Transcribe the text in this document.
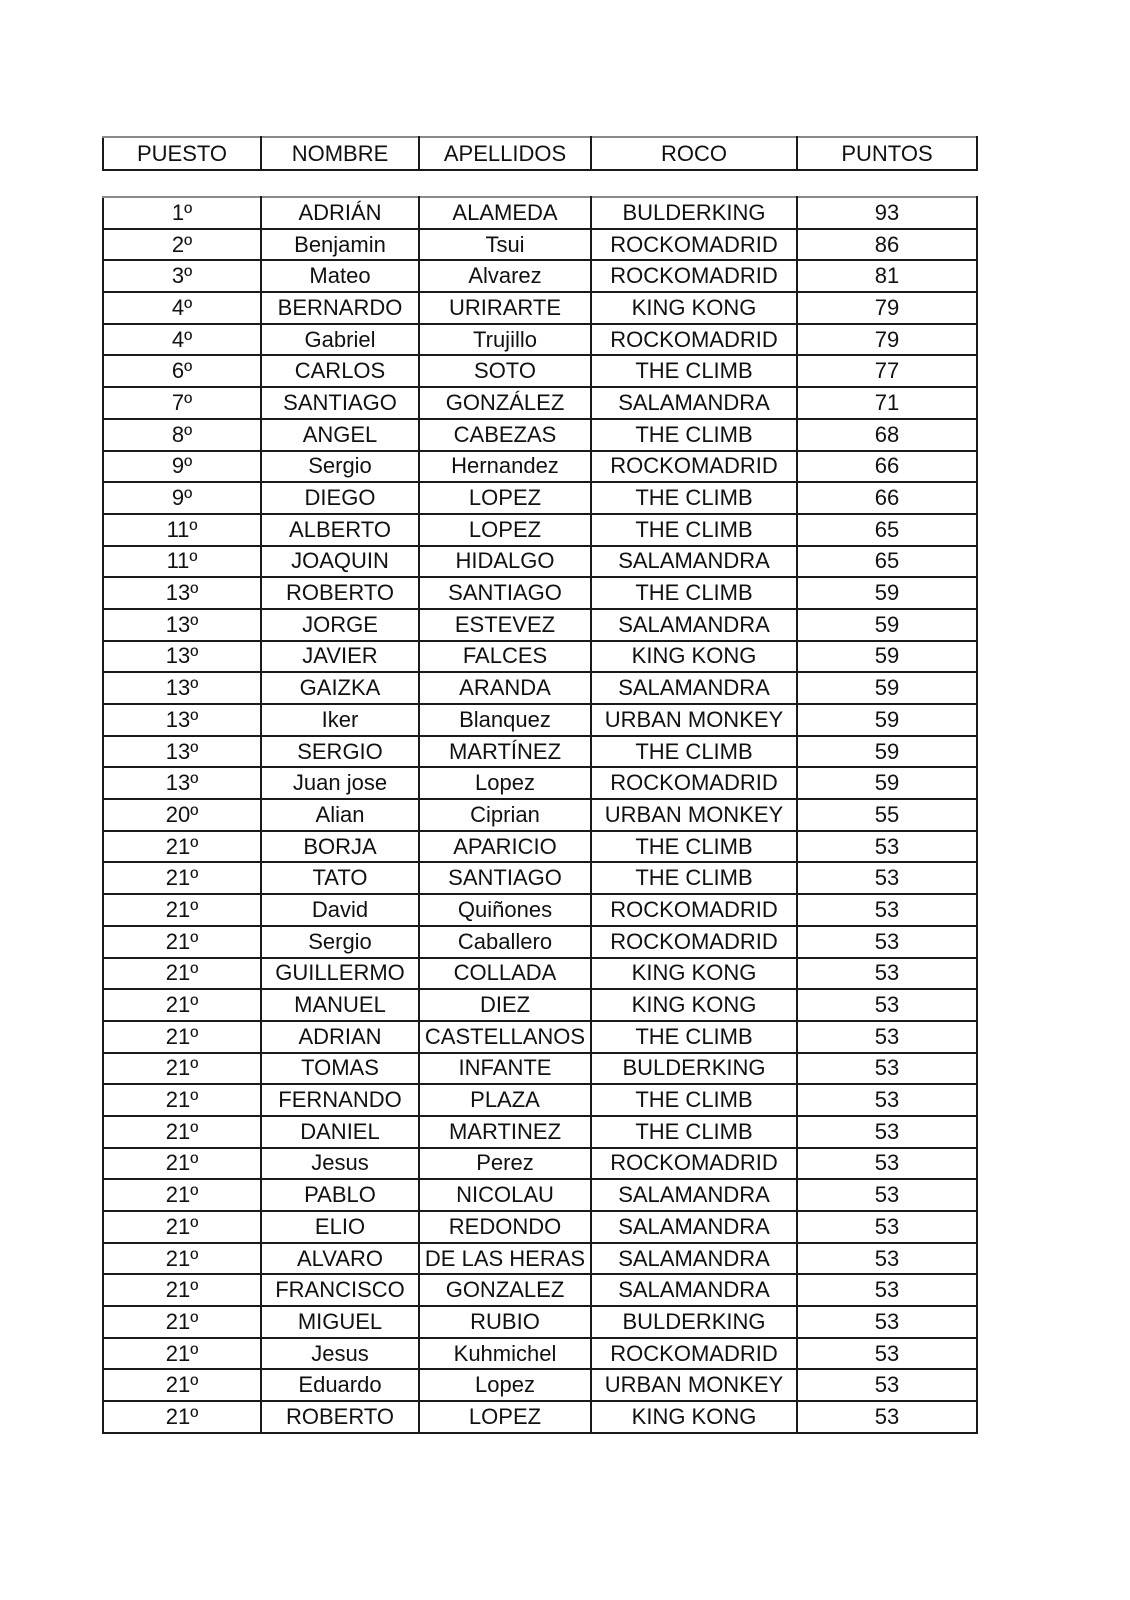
PUESTO	NOMBRE	APELLIDOS	ROCO	PUNTOS
1º	ADRIÁN	ALAMEDA	BULDERKING	93
2º	Benjamin	Tsui	ROCKOMADRID	86
3º	Mateo	Alvarez	ROCKOMADRID	81
4º	BERNARDO	URIRARTE	KING KONG	79
4º	Gabriel	Trujillo	ROCKOMADRID	79
6º	CARLOS	SOTO	THE CLIMB	77
7º	SANTIAGO	GONZÁLEZ	SALAMANDRA	71
8º	ANGEL	CABEZAS	THE CLIMB	68
9º	Sergio	Hernandez	ROCKOMADRID	66
9º	DIEGO	LOPEZ	THE CLIMB	66
11º	ALBERTO	LOPEZ	THE CLIMB	65
11º	JOAQUIN	HIDALGO	SALAMANDRA	65
13º	ROBERTO	SANTIAGO	THE CLIMB	59
13º	JORGE	ESTEVEZ	SALAMANDRA	59
13º	JAVIER	FALCES	KING KONG	59
13º	GAIZKA	ARANDA	SALAMANDRA	59
13º	Iker	Blanquez	URBAN MONKEY	59
13º	SERGIO	MARTÍNEZ	THE CLIMB	59
13º	Juan jose	Lopez	ROCKOMADRID	59
20º	Alian	Ciprian	URBAN MONKEY	55
21º	BORJA	APARICIO	THE CLIMB	53
21º	TATO	SANTIAGO	THE CLIMB	53
21º	David	Quiñones	ROCKOMADRID	53
21º	Sergio	Caballero	ROCKOMADRID	53
21º	GUILLERMO	COLLADA	KING KONG	53
21º	MANUEL	DIEZ	KING KONG	53
21º	ADRIAN	CASTELLANOS	THE CLIMB	53
21º	TOMAS	INFANTE	BULDERKING	53
21º	FERNANDO	PLAZA	THE CLIMB	53
21º	DANIEL	MARTINEZ	THE CLIMB	53
21º	Jesus	Perez	ROCKOMADRID	53
21º	PABLO	NICOLAU	SALAMANDRA	53
21º	ELIO	REDONDO	SALAMANDRA	53
21º	ALVARO	DE LAS HERAS	SALAMANDRA	53
21º	FRANCISCO	GONZALEZ	SALAMANDRA	53
21º	MIGUEL	RUBIO	BULDERKING	53
21º	Jesus	Kuhmichel	ROCKOMADRID	53
21º	Eduardo	Lopez	URBAN MONKEY	53
21º	ROBERTO	LOPEZ	KING KONG	53
